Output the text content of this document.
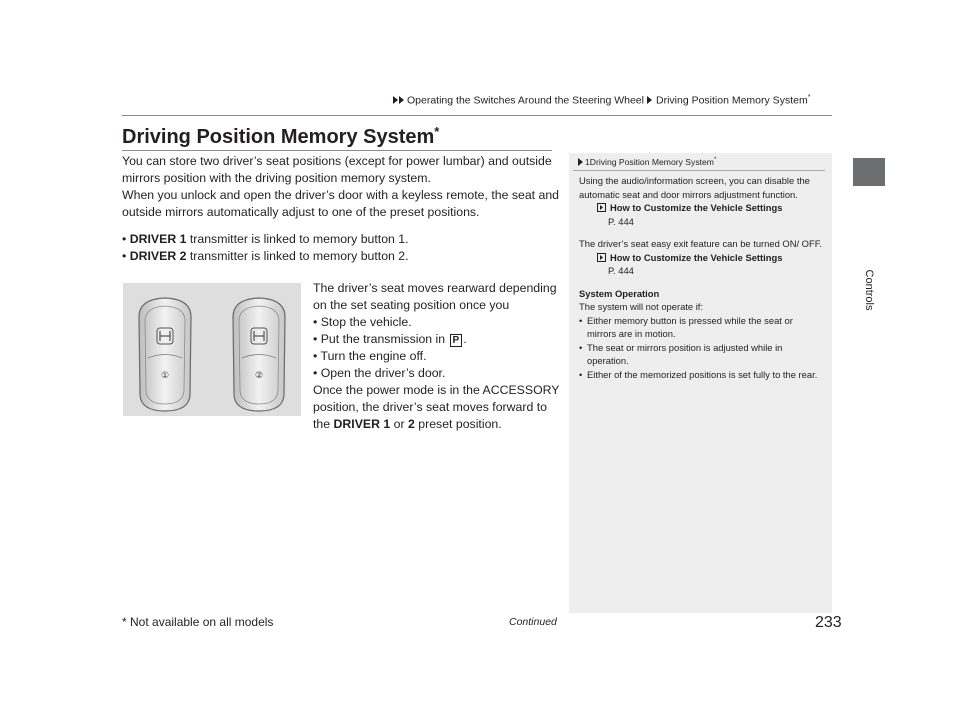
Operating the Switches Around the Steering Wheel Driving Position Memory System*
Controls
Driving Position Memory System*
You can store two driver’s seat positions (except for power lumbar) and outside mirrors position with the driving position memory system.
When you unlock and open the driver’s door with a keyless remote, the seat and outside mirrors automatically adjust to one of the preset positions.
• DRIVER 1 transmitter is linked to memory button 1.
• DRIVER 2 transmitter is linked to memory button 2.
①	②
The driver’s seat moves rearward depending on the set seating position once you
• Stop the vehicle.
• Put the transmission in P .
• Turn the engine off.
• Open the driver’s door.
Once the power mode is in the ACCESSORY position, the driver’s seat moves forward to the DRIVER 1 or 2 preset position.
1Driving Position Memory System*
Using the audio/information screen, you can disable the automatic seat and door mirrors adjustment function.
How to Customize the Vehicle Settings
P. 444
The driver’s seat easy exit feature can be turned ON/ OFF.
How to Customize the Vehicle Settings
P. 444
System Operation
The system will not operate if:
• Either memory button is pressed while the seat or mirrors are in motion.
• The seat or mirrors position is adjusted while in operation.
• Either of the memorized positions is set fully to the rear.
* Not available on all models	Continued	233
